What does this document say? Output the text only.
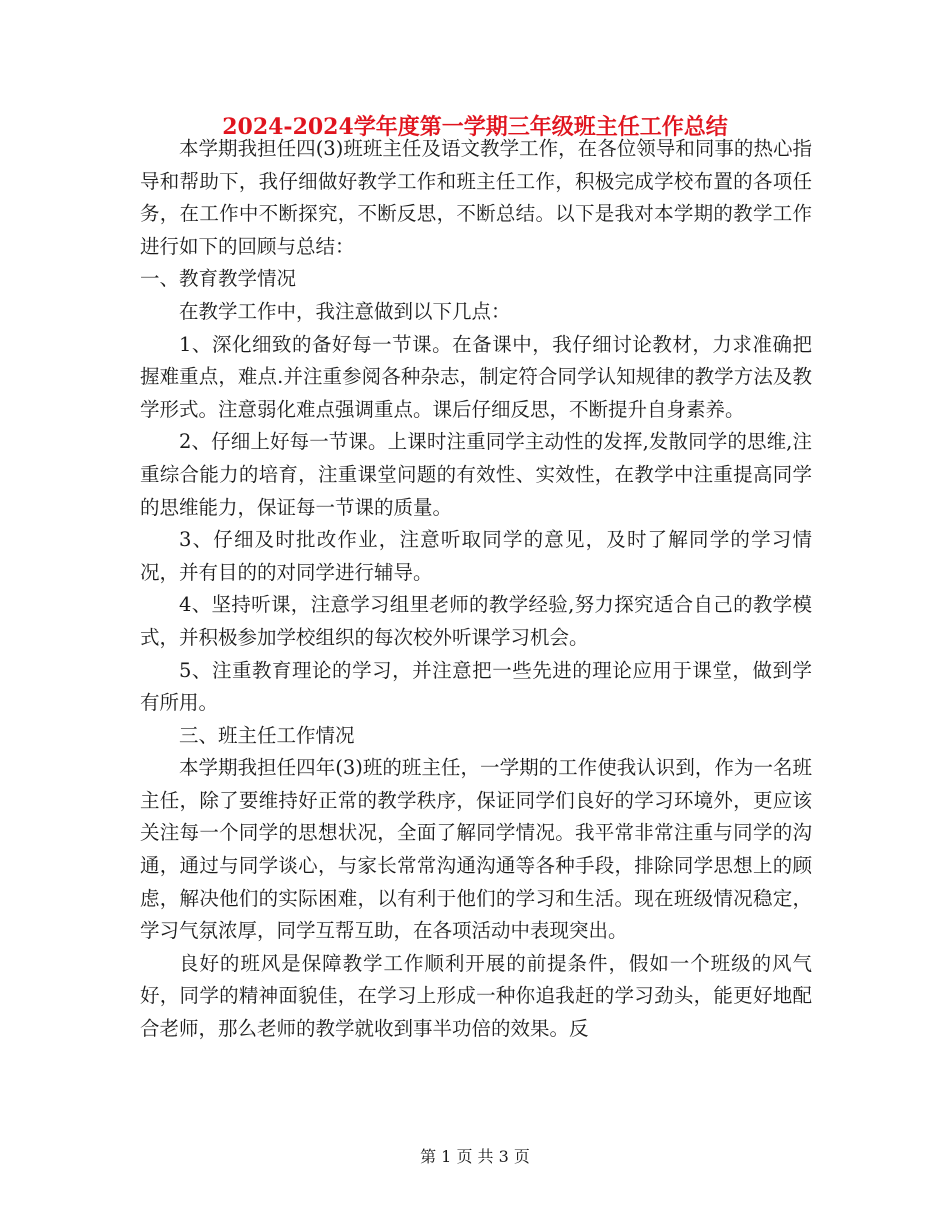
2024-2024学年度第一学期三年级班主任工作总结

本学期我担任四(3)班班主任及语文教学工作，在各位领导和同事的热心指导和帮助下，我仔细做好教学工作和班主任工作，积极完成学校布置的各项任务，在工作中不断探究，不断反思，不断总结。以下是我对本学期的教学工作进行如下的回顾与总结：

一、教育教学情况

在教学工作中，我注意做到以下几点：

1、深化细致的备好每一节课。在备课中，我仔细讨论教材，力求准确把握难重点，难点.并注重参阅各种杂志，制定符合同学认知规律的教学方法及教学形式。注意弱化难点强调重点。课后仔细反思，不断提升自身素养。

2、仔细上好每一节课。上课时注重同学主动性的发挥,发散同学的思维,注重综合能力的培育，注重课堂问题的有效性、实效性，在教学中注重提高同学的思维能力，保证每一节课的质量。

3、仔细及时批改作业，注意听取同学的意见，及时了解同学的学习情况，并有目的的对同学进行辅导。

4、坚持听课，注意学习组里老师的教学经验,努力探究适合自己的教学模式，并积极参加学校组织的每次校外听课学习机会。

5、注重教育理论的学习，并注意把一些先进的理论应用于课堂，做到学有所用。

三、班主任工作情况

本学期我担任四年(3)班的班主任，一学期的工作使我认识到，作为一名班主任，除了要维持好正常的教学秩序，保证同学们良好的学习环境外，更应该关注每一个同学的思想状况，全面了解同学情况。我平常非常注重与同学的沟通，通过与同学谈心，与家长常常沟通沟通等各种手段，排除同学思想上的顾虑，解决他们的实际困难，以有利于他们的学习和生活。现在班级情况稳定，学习气氛浓厚，同学互帮互助，在各项活动中表现突出。

良好的班风是保障教学工作顺利开展的前提条件，假如一个班级的风气好，同学的精神面貌佳，在学习上形成一种你追我赶的学习劲头，能更好地配合老师，那么老师的教学就收到事半功倍的效果。反

第 1 页 共 3 页
